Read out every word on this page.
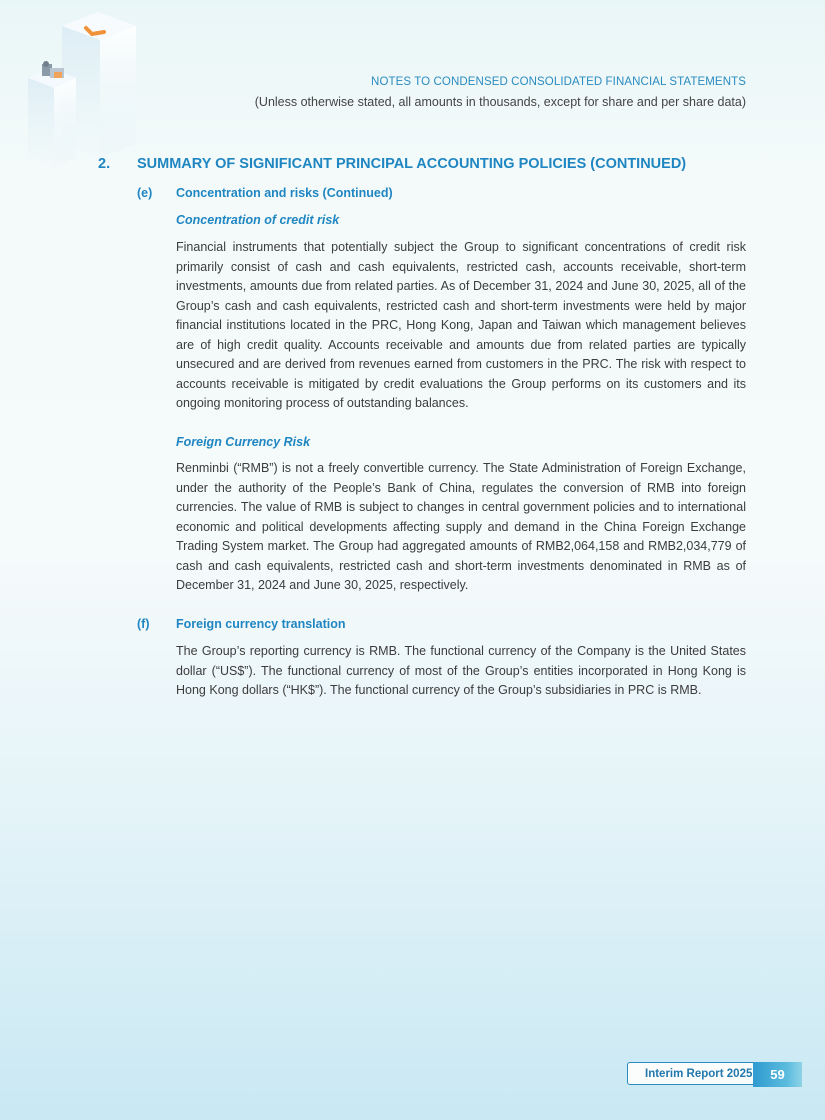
NOTES TO CONDENSED CONSOLIDATED FINANCIAL STATEMENTS
(Unless otherwise stated, all amounts in thousands, except for share and per share data)
2. SUMMARY OF SIGNIFICANT PRINCIPAL ACCOUNTING POLICIES (CONTINUED)
(e) Concentration and risks (Continued)
Concentration of credit risk
Financial instruments that potentially subject the Group to significant concentrations of credit risk primarily consist of cash and cash equivalents, restricted cash, accounts receivable, short-term investments, amounts due from related parties. As of December 31, 2024 and June 30, 2025, all of the Group’s cash and cash equivalents, restricted cash and short-term investments were held by major financial institutions located in the PRC, Hong Kong, Japan and Taiwan which management believes are of high credit quality. Accounts receivable and amounts due from related parties are typically unsecured and are derived from revenues earned from customers in the PRC. The risk with respect to accounts receivable is mitigated by credit evaluations the Group performs on its customers and its ongoing monitoring process of outstanding balances.
Foreign Currency Risk
Renminbi (“RMB”) is not a freely convertible currency. The State Administration of Foreign Exchange, under the authority of the People’s Bank of China, regulates the conversion of RMB into foreign currencies. The value of RMB is subject to changes in central government policies and to international economic and political developments affecting supply and demand in the China Foreign Exchange Trading System market. The Group had aggregated amounts of RMB2,064,158 and RMB2,034,779 of cash and cash equivalents, restricted cash and short-term investments denominated in RMB as of December 31, 2024 and June 30, 2025, respectively.
(f) Foreign currency translation
The Group’s reporting currency is RMB. The functional currency of the Company is the United States dollar (“US$”). The functional currency of most of the Group’s entities incorporated in Hong Kong is Hong Kong dollars (“HK$”). The functional currency of the Group’s subsidiaries in PRC is RMB.
Interim Report 2025	59
